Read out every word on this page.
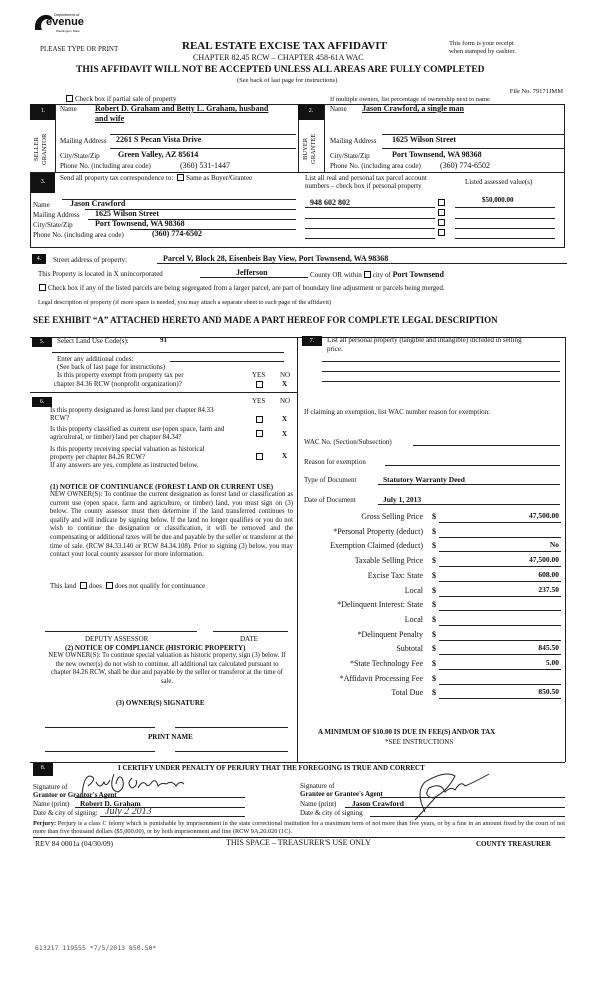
Department of
evenue
Washington State
PLEASE TYPE OR PRINT	REAL ESTATE EXCISE TAX AFFIDAVIT
CHAPTER 82.45 RCW – CHAPTER 458-61A WAC
This form is your receipt
when stamped by cashier.
THIS AFFIDAVIT WILL NOT BE ACCEPTED UNLESS ALL AREAS ARE FULLY COMPLETED
(See back of last page for instructions)
File No. 79171JMM
Check box if partial sale of property	If multiple owners, list percentage of ownership next to name
1.
SELLER GRANTOR
Name Robert D. Graham and Betty L. Graham, husband
and wife
Mailing Address 2261 S Pecan Vista Drive
City/State/Zip Green Valley, AZ 85614
Phone No. (including area code)	(360) 531-1447
2.
BUYER GRANTEE
Name Jason Crawford, a single man
Mailing Address 1625 Wilson Street
City/State/Zip	Port Townsend, WA 98368
Phone No. (including area code) (360) 774-6502
3.	Send all property tax correspondence to: Same as Buyer/Grantee	List all real and personal tax parcel account
numbers – check box if personal property	Listed assessed value(s)
Name	Jason Crawford
Mailing Address 1625 Wilson Street
City/State/Zip	Port Townsend, WA 98368
Phone No. (including area code)	(360) 774-6502
948 602 802	$50,000.00
4.	Street address of property:	Parcel V, Block 28, Eisenbeis Bay View, Port Townsend, WA 98368
This Property is located in X unincorporated	Jefferson	County OR within city of Port Townsend
Check box if any of the listed parcels are being segregated from a larger parcel, are part of boundary line adjustment or parcels being merged.
Legal description of property (if more space is needed, you may attach a separate sheet to each page of the affidavit)
SEE EXHIBIT “A” ATTACHED HERETO AND MADE A PART HEREOF FOR COMPLETE LEGAL DESCRIPTION
5.	Select Land Use Code(s):	91
Enter any additional codes:
(See back of last page for instructions)
Is this property exempt from property tax per
chapter 84.36 RCW (nonprofit organization)?
YES NO
X
6.	YES NO
Is this property designated as forest land per chapter 84.33
RCW?	X
Is this property classified as current use (open space, farm and
agricultural, or timber) land per chapter 84.34?	X
Is this property receiving special valuation as historical
property per chapter 84.26 RCW?	X
If any answers are yes, complete as instructed below.
(1) NOTICE OF CONTINUANCE (FOREST LAND OR CURRENT USE)
NEW OWNER(S): To continue the current designation as forest land or classification as current use (open space, farm and agriculture, or timber) land, you must sign on (3) below. The county assessor must then determine if the land transferred continues to qualify and will indicate by signing below. If the land no longer qualifies or you do not wish to continue the designation or classification, it will be removed and the compensating or additional taxes will be due and payable by the seller or transferor at the time of sale. (RCW 84.33.140 or RCW 84.34.108). Prior to signing (3) below, you may contact your local county assessor for more information.
This land does does not qualify for continuance
DEPUTY ASSESSOR	DATE
(2) NOTICE OF COMPLIANCE (HISTORIC PROPERTY)
NEW OWNER(S): To continue special valuation as historic property, sign (3) below. If the new owner(s) do not wish to continue, all additional tax calculated pursuant to chapter 84.26 RCW, shall be due and payable by the seller or transferor at the time of sale.
(3) OWNER(S) SIGNATURE
PRINT NAME
7.	List all personal property (tangible and intangible) included in selling
price.
If claiming an exemption, list WAC number reason for exemption:
WAC No. (Section/Subsection)
Reason for exemption
Type of Document	Statutory Warranty Deed
Date of Document	July 1, 2013
Gross Selling Price $	47,500.00
*Personal Property (deduct) $
Exemption Claimed (deduct) $	No
Taxable Selling Price $	47,500.00
Excise Tax: State $	608.00
Local $	237.50
*Delinquent Interest: State $
Local $
*Delinquent Penalty $
Subtotal $	845.50
*State Technology Fee $	5.00
*Affidavit Processing Fee $
Total Due $	850.50
A MINIMUM OF $10.00 IS DUE IN FEE(S) AND/OR TAX
*SEE INSTRUCTIONS
8.	I CERTIFY UNDER PENALTY OF PERJURY THAT THE FOREGOING IS TRUE AND CORRECT
Signature of
Grantor or Grantor's Agent
Name (print) Robert D. Graham
Date & city of signing: July 2 2013
Signature of
Grantee or Grantee's Agent
Name (print) Jason Crawford
Date & city of signing
Perjury: Perjury is a class C felony which is punishable by imprisonment in the state correctional institution for a maximum term of not more than five years, or by a fine in an amount fixed by the court of not more than five thousand dollars ($5,000.00), or by both imprisonment and fine (RCW 9A.20.020 (1C).
REV 84 0001a (04/30/09)	THIS SPACE – TREASURER'S USE ONLY	COUNTY TREASURER
613217 119555 *7/5/2013 850.50*
